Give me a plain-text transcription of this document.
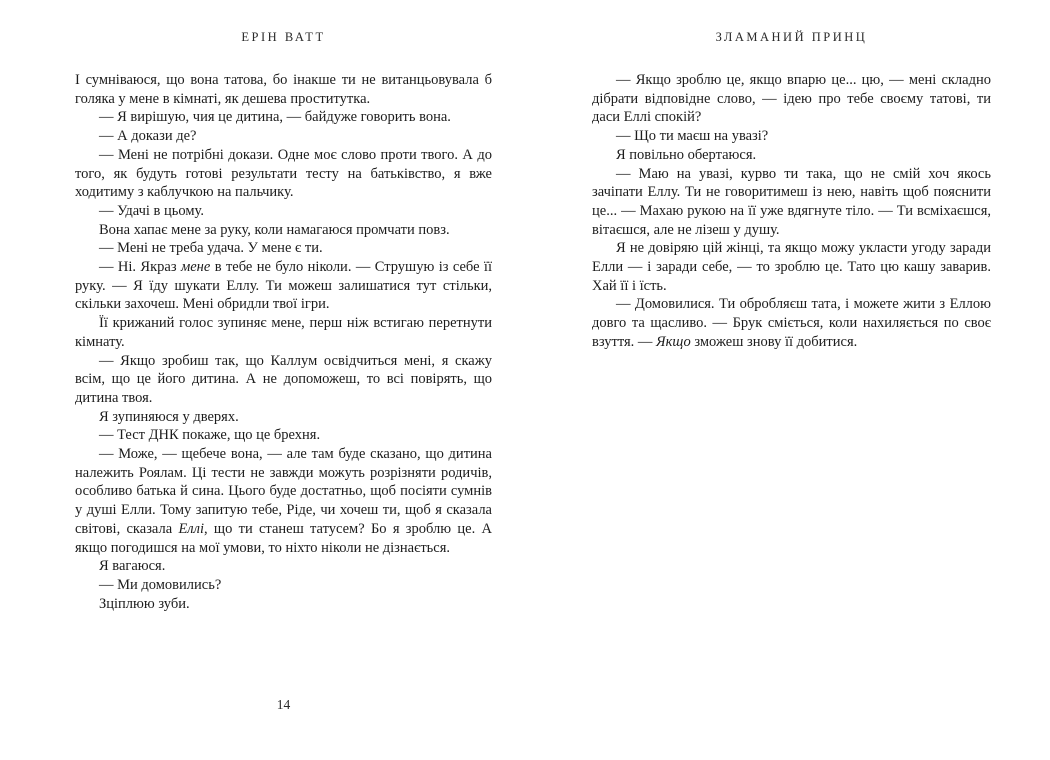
ЕРІН ВАТТ

І сумніваюся, що вона татова, бо інакше ти не витанцьовувала б голяка у мене в кімнаті, як дешева проститутка.

— Я вирішую, чия це дитина, — байдуже говорить вона.

— А докази де?

— Мені не потрібні докази. Одне моє слово проти твого. А до того, як будуть готові результати тесту на батьківство, я вже ходитиму з каблучкою на пальчику.

— Удачі в цьому.

Вона хапає мене за руку, коли намагаюся промчати повз.

— Мені не треба удача. У мене є ти.

— Ні. Якраз мене в тебе не було ніколи. — Струшую із себе її руку. — Я їду шукати Еллу. Ти можеш залишатися тут стільки, скільки захочеш. Мені обридли твої ігри.

Її крижаний голос зупиняє мене, перш ніж встигаю перетнути кімнату.

— Якщо зробиш так, що Каллум освідчиться мені, я скажу всім, що це його дитина. А не допоможеш, то всі повірять, що дитина твоя.

Я зупиняюся у дверях.

— Тест ДНК покаже, що це брехня.

— Може, — щебече вона, — але там буде сказано, що дитина належить Роялам. Ці тести не завжди можуть розрізняти родичів, особливо батька й сина. Цього буде достатньо, щоб посіяти сумнів у душі Елли. Тому запитую тебе, Ріде, чи хочеш ти, щоб я сказала світові, сказала Еллі, що ти станеш татусем? Бо я зроблю це. А якщо погодишся на мої умови, то ніхто ніколи не дізнається.

Я вагаюся.

— Ми домовились?

Зціплюю зуби.

ЗЛАМАНИЙ ПРИНЦ

— Якщо зроблю це, якщо впарю це... цю, — мені складно дібрати відповідне слово, — ідею про тебе своєму татові, ти даси Еллі спокій?

— Що ти маєш на увазі?

Я повільно обертаюся.

— Маю на увазі, курво ти така, що не смій хоч якось зачіпати Еллу. Ти не говоритимеш із нею, навіть щоб пояснити це... — Махаю рукою на її уже вдягнуте тіло. — Ти всміхаєшся, вітаєшся, але не лізеш у душу.

Я не довіряю цій жінці, та якщо можу укласти угоду заради Елли — і заради себе, — то зроблю це. Тато цю кашу заварив. Хай її і їсть.

— Домовилися. Ти обробляєш тата, і можете жити з Еллою довго та щасливо. — Брук сміється, коли нахиляється по своє взуття. — Якщо зможеш знову її добитися.

14
